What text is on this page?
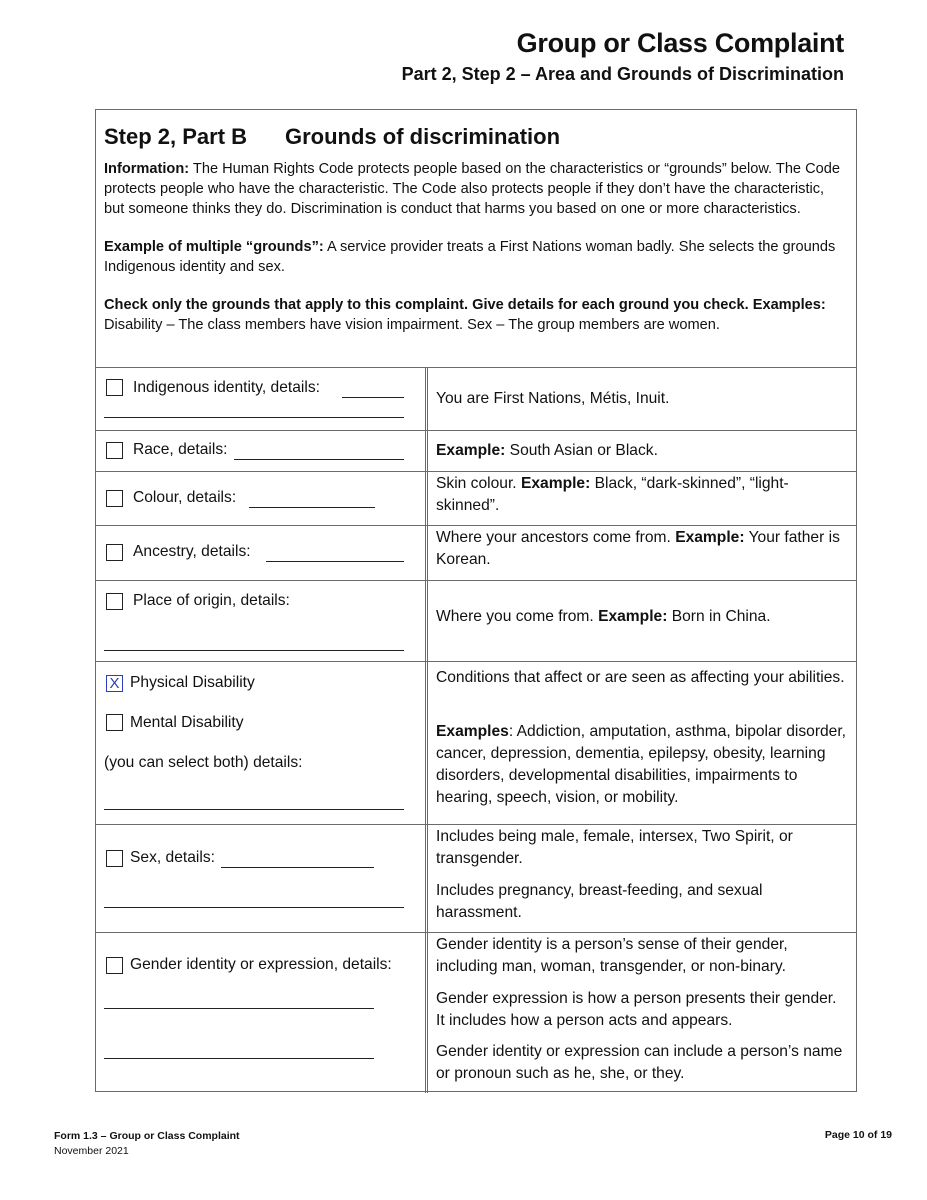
Group or Class Complaint
Part 2, Step 2 – Area and Grounds of Discrimination
Step 2, Part B	Grounds of discrimination

Information: The Human Rights Code protects people based on the characteristics or “grounds” below. The Code protects people who have the characteristic. The Code also protects people if they don’t have the characteristic, but someone thinks they do. Discrimination is conduct that harms you based on one or more characteristics.

Example of multiple “grounds”: A service provider treats a First Nations woman badly. She selects the grounds Indigenous identity and sex.

Check only the grounds that apply to this complaint. Give details for each ground you check. Examples:
Disability – The class members have vision impairment. Sex – The group members are women.

Indigenous identity, details:
You are First Nations, Métis, Inuit.
Race, details:	Example: South Asian or Black.
Colour, details:
Skin colour. Example: Black, “dark-skinned”, “light-skinned”.
Ancestry, details:
Where your ancestors come from. Example: Your father is Korean.
Place of origin, details:
Where you come from. Example: Born in China.
X Physical Disability
Mental Disability
(you can select both) details:
Conditions that affect or are seen as affecting your abilities.
Examples: Addiction, amputation, asthma, bipolar disorder, cancer, depression, dementia, epilepsy, obesity, learning disorders, developmental disabilities, impairments to hearing, speech, vision, or mobility.
Sex, details:
Includes being male, female, intersex, Two Spirit, or transgender.
Includes pregnancy, breast-feeding, and sexual harassment.
Gender identity or expression, details:
Gender identity is a person’s sense of their gender, including man, woman, transgender, or non-binary.
Gender expression is how a person presents their gender. It includes how a person acts and appears.
Gender identity or expression can include a person’s name or pronoun such as he, she, or they.
Form 1.3 – Group or Class Complaint
November 2021
Page 10 of 19
